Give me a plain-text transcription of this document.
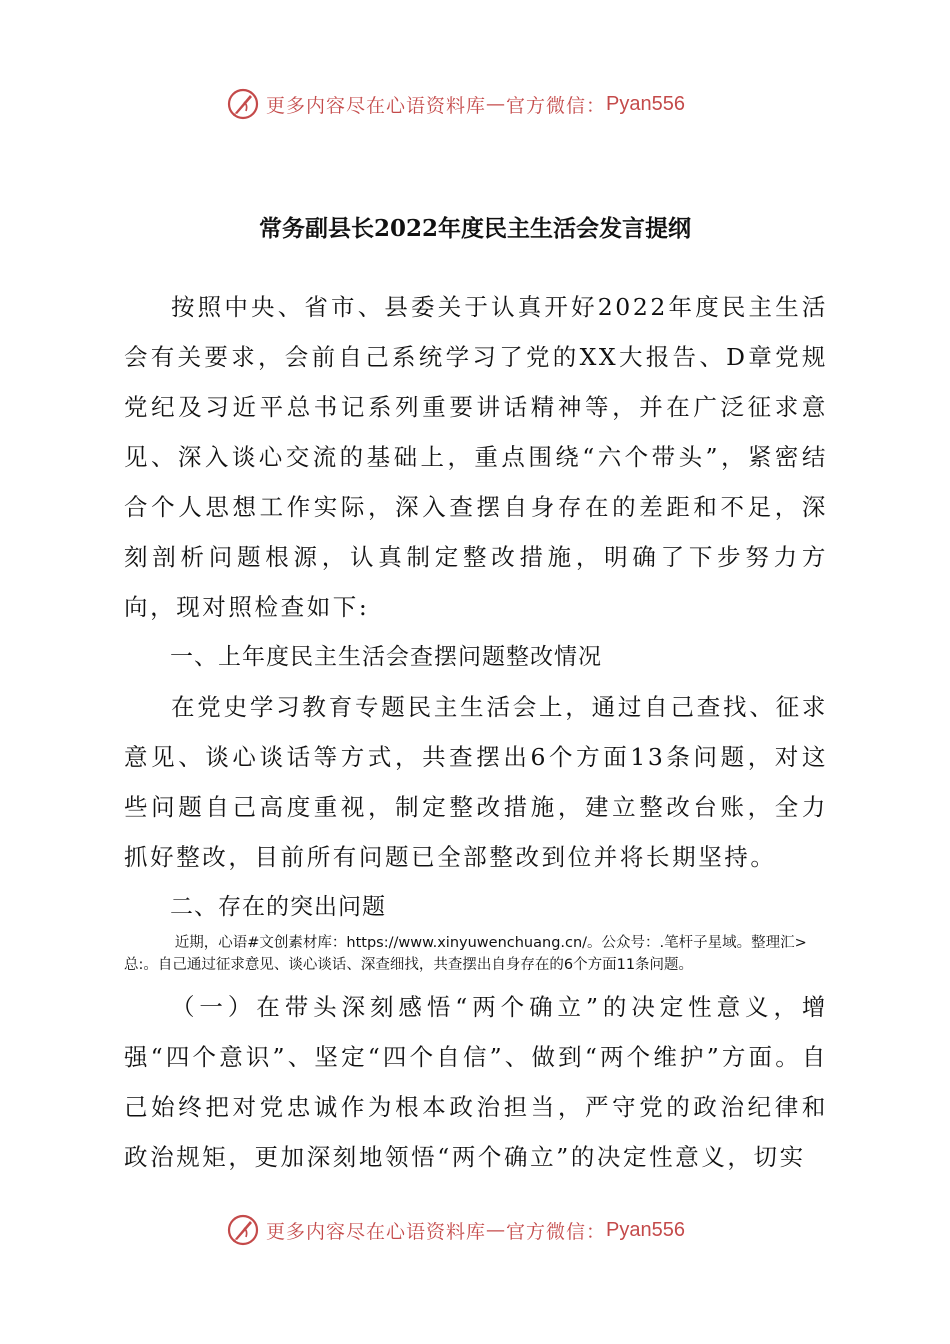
更多内容尽在心语资料库 — 官方微信： Pyan556
常务副县长2022年度民主生活会发言提纲

按照中央、省市、县委关于认真开好2022年度民主生活会有关要求，会前自己系统学习了党的XX大报告、D章党规党纪及习近平总书记系列重要讲话精神等，并在广泛征求意见、深入谈心交流的基础上，重点围绕“六个带头”，紧密结合个人思想工作实际，深入查摆自身存在的差距和不足，深刻剖析问题根源，认真制定整改措施，明确了下步努力方向，现对照检查如下:

一、上年度民主生活会查摆问题整改情况

在党史学习教育专题民主生活会上，通过自己查找、征求意见、谈心谈话等方式，共查摆出6个方面13条问题，对这些问题自己高度重视，制定整改措施，建立整改台账，全力抓好整改，目前所有问题已全部整改到位并将长期坚持。

二、存在的突出问题

近期，心语#文创素材库：https://www.xinyuwenchuang.cn/。公众号：.笔杆子星域。整理汇>总:。自己通过征求意见、谈心谈话、深查细找，共查摆出自身存在的6个方面11条问题。

（一）在带头深刻感悟“两个确立”的决定性意义，增强“四个意识”、坚定“四个自信”、做到“两个维护”方面。自己始终把对党忠诚作为根本政治担当，严守党的政治纪律和政治规矩，更加深刻地领悟“两个确立”的决定性意义，切实

更多内容尽在心语资料库 — 官方微信： Pyan556
